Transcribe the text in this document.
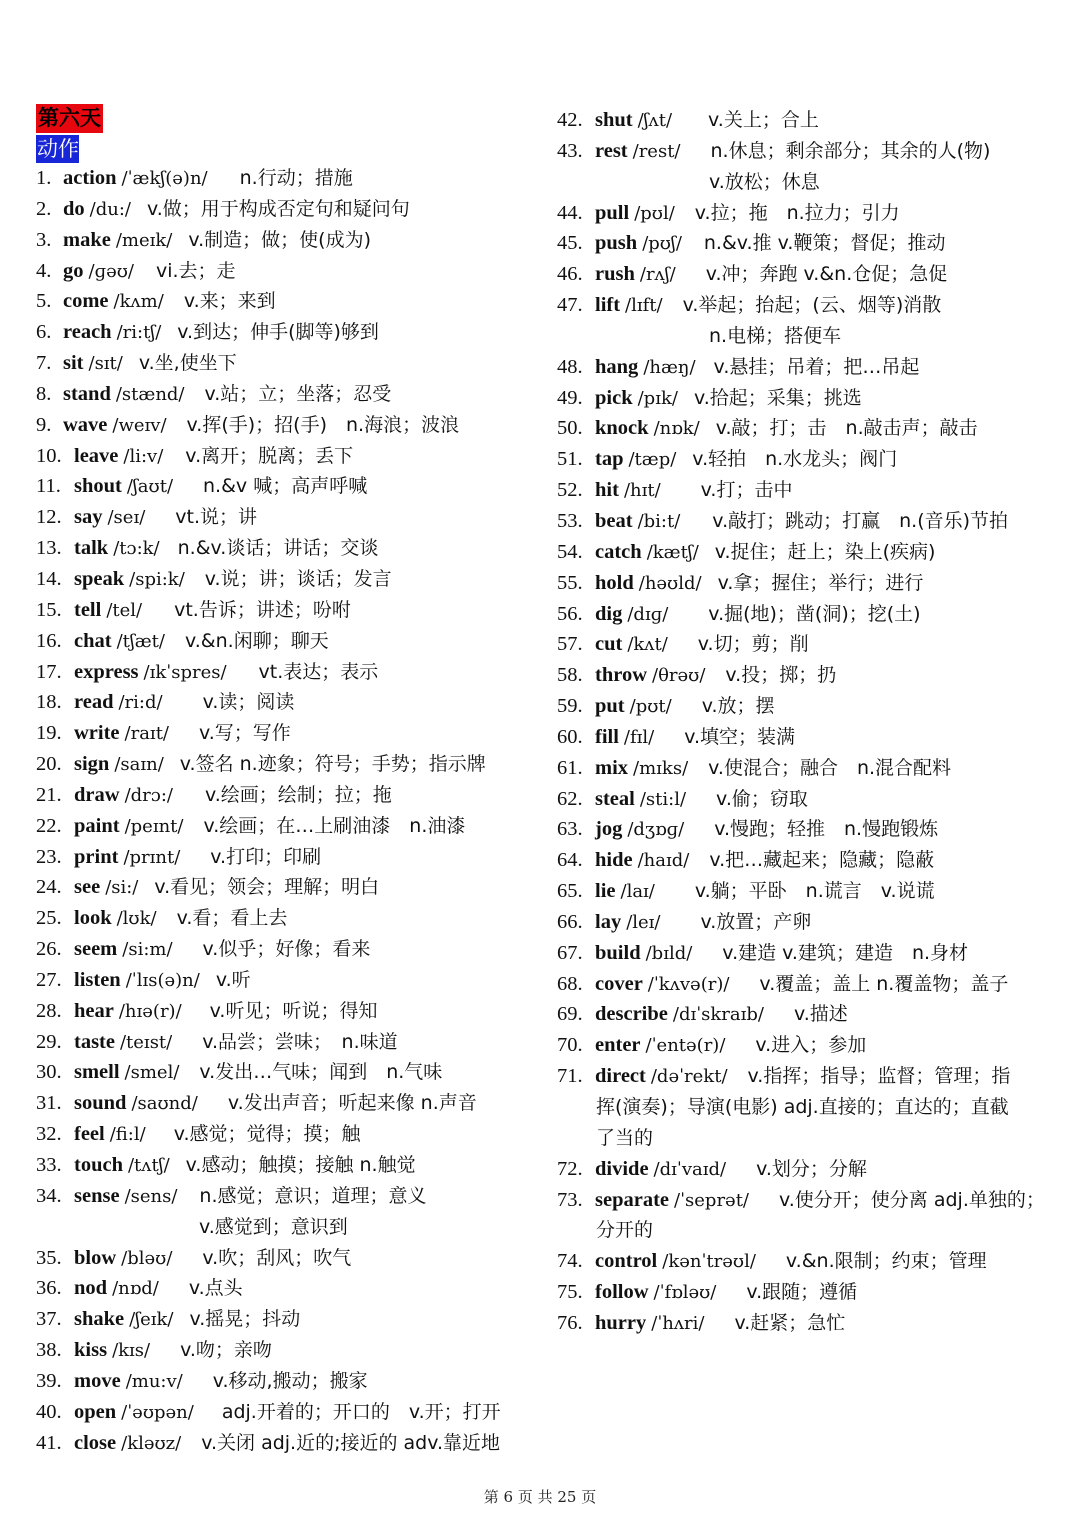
第六天
动作
1. action /ˈækʃ(ə)n/ n.行动；措施
2. do /du:/ v.做；用于构成否定句和疑问句
3. make /meɪk/ v.制造；做；使(成为)
4. go /ɡəʊ/ vi.去；走
5. come /kʌm/ v.来；来到
6. reach /ri:tʃ/ v.到达；伸手(脚等)够到
7. sit /sɪt/ v.坐,使坐下
8. stand /stænd/ v.站；立；坐落；忍受
9. wave /weɪv/ v.挥(手)；招(手)　n.海浪；波浪
10. leave /li:v/ v.离开；脱离；丢下
11. shout /ʃaʊt/ n.&v 喊；高声呼喊
12. say /seɪ/ vt.说；讲
13. talk /tɔ:k/ n.&v.谈话；讲话；交谈
14. speak /spi:k/ v.说；讲；谈话；发言
15. tell /tel/ vt.告诉；讲述；吩咐
16. chat /tʃæt/ v.&n.闲聊；聊天
17. express /ɪkˈspres/ vt.表达；表示
18. read /ri:d/ v.读；阅读
19. write /raɪt/ v.写；写作
20. sign /saɪn/ v.签名 n.迹象；符号；手势；指示牌
21. draw /drɔ:/ v.绘画；绘制；拉；拖
22. paint /peɪnt/ v.绘画；在…上刷油漆　n.油漆
23. print /prɪnt/ v.打印；印刷
24. see /si:/ v.看见；领会；理解；明白
25. look /lʊk/ v.看；看上去
26. seem /si:m/ v.似乎；好像；看来
27. listen /ˈlɪs(ə)n/ v.听
28. hear /hɪə(r)/ v.听见；听说；得知
29. taste /teɪst/ v.品尝；尝味；　n.味道
30. smell /smel/ v.发出…气味；闻到　n.气味
31. sound /saʊnd/ v.发出声音；听起来像 n.声音
32. feel /fi:l/ v.感觉；觉得；摸；触
33. touch /tʌtʃ/ v.感动；触摸；接触 n.触觉
34. sense /sens/ n.感觉；意识；道理；意义
v.感觉到；意识到
35. blow /bləʊ/ v.吹；刮风；吹气
36. nod /nɒd/ v.点头
37. shake /ʃeɪk/ v.摇晃；抖动
38. kiss /kɪs/ v.吻；亲吻
39. move /mu:v/ v.移动,搬动；搬家
40. open /ˈəʊpən/ adj.开着的；开口的　v.开；打开
41. close /kləʊz/ v.关闭 adj.近的;接近的 adv.靠近地
42. shut /ʃʌt/ v.关上；合上
43. rest /rest/ n.休息；剩余部分；其余的人(物)
v.放松；休息
44. pull /pʊl/ v.拉；拖　n.拉力；引力
45. push /pʊʃ/ n.&v.推 v.鞭策；督促；推动
46. rush /rʌʃ/ v.冲；奔跑 v.&n.仓促；急促
47. lift /lɪft/ v.举起；抬起；(云、烟等)消散
n.电梯；搭便车
48. hang /hæŋ/ v.悬挂；吊着；把…吊起
49. pick /pɪk/ v.拾起；采集；挑选
50. knock /nɒk/ v.敲；打；击　n.敲击声；敲击
51. tap /tæp/ v.轻拍　n.水龙头；阀门
52. hit /hɪt/ v.打；击中
53. beat /bi:t/ v.敲打；跳动；打赢　n.(音乐)节拍
54. catch /kætʃ/ v.捉住；赶上；染上(疾病)
55. hold /həʊld/ v.拿；握住；举行；进行
56. dig /dɪɡ/ v.掘(地)；凿(洞)；挖(土)
57. cut /kʌt/ v.切；剪；削
58. throw /θrəʊ/ v.投；掷；扔
59. put /pʊt/ v.放；摆
60. fill /fɪl/ v.填空；装满
61. mix /mɪks/ v.使混合；融合　n.混合配料
62. steal /sti:l/ v.偷；窃取
63. jog /dʒɒɡ/ v.慢跑；轻推　n.慢跑锻炼
64. hide /haɪd/ v.把…藏起来；隐藏；隐蔽
65. lie /laɪ/ v.躺；平卧　n.谎言　v.说谎
66. lay /leɪ/ v.放置；产卵
67. build /bɪld/ v.建造 v.建筑；建造　n.身材
68. cover /ˈkʌvə(r)/ v.覆盖；盖上 n.覆盖物；盖子
69. describe /dɪˈskraɪb/ v.描述
70. enter /ˈentə(r)/ v.进入；参加
71. direct /dəˈrekt/ v.指挥；指导；监督；管理；指
挥(演奏)；导演(电影) adj.直接的；直达的；直截
了当的
72. divide /dɪˈvaɪd/ v.划分；分解
73. separate /ˈseprət/ v.使分开；使分离 adj.单独的；
分开的
74. control /kənˈtrəʊl/ v.&n.限制；约束；管理
75. follow /ˈfɒləʊ/ v.跟随；遵循
76. hurry /ˈhʌri/ v.赶紧；急忙
第 6 页 共 25 页
